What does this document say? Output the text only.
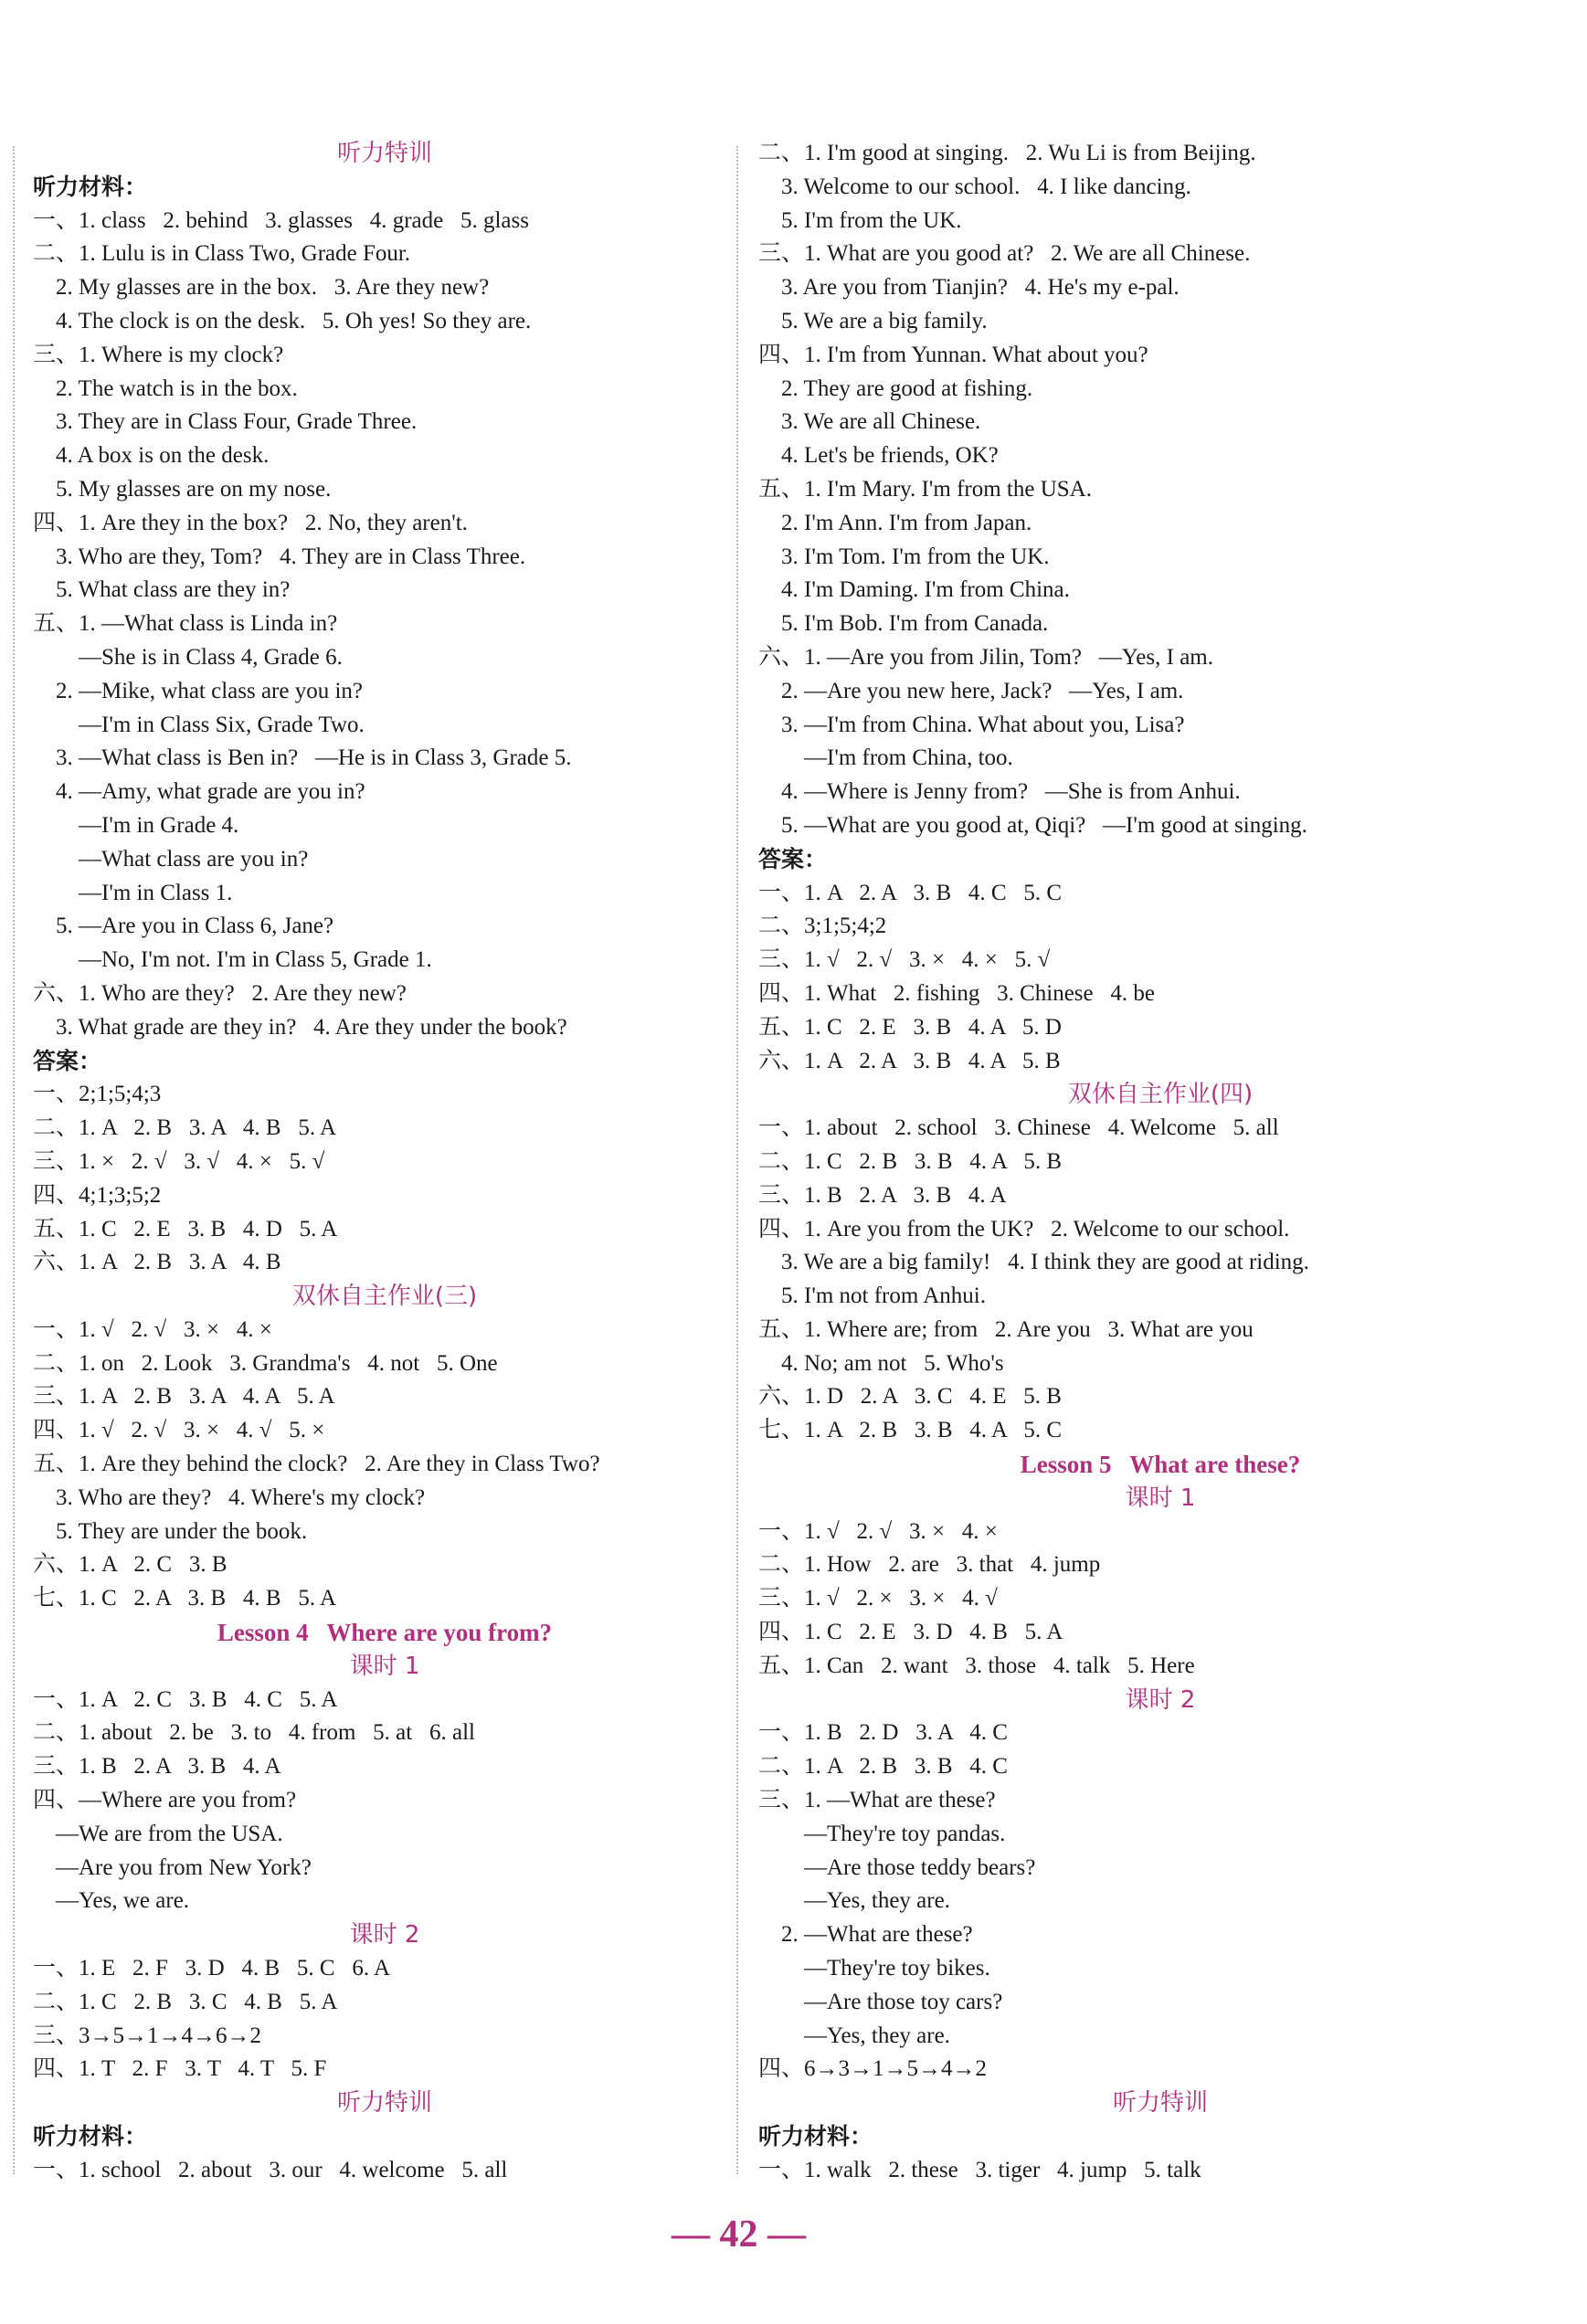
听力特训
听力材料：
一、1. class   2. behind   3. glasses   4. grade   5. glass
二、1. Lulu is in Class Two, Grade Four.
2. My glasses are in the box.   3. Are they new?
4. The clock is on the desk.   5. Oh yes! So they are.
三、1. Where is my clock?
2. The watch is in the box.
3. They are in Class Four, Grade Three.
4. A box is on the desk.
5. My glasses are on my nose.
四、1. Are they in the box?   2. No, they aren't.
3. Who are they, Tom?   4. They are in Class Three.
5. What class are they in?
五、1. —What class is Linda in?
—She is in Class 4, Grade 6.
2. —Mike, what class are you in?
—I'm in Class Six, Grade Two.
3. —What class is Ben in?   —He is in Class 3, Grade 5.
4. —Amy, what grade are you in?
—I'm in Grade 4.
—What class are you in?
—I'm in Class 1.
5. —Are you in Class 6, Jane?
—No, I'm not. I'm in Class 5, Grade 1.
六、1. Who are they?   2. Are they new?
3. What grade are they in?   4. Are they under the book?
答案：
一、2;1;5;4;3
二、1. A   2. B   3. A   4. B   5. A
三、1. ×   2. √   3. √   4. ×   5. √
四、4;1;3;5;2
五、1. C   2. E   3. B   4. D   5. A
六、1. A   2. B   3. A   4. B
双休自主作业(三)
一、1. √   2. √   3. ×   4. ×
二、1. on   2. Look   3. Grandma's   4. not   5. One
三、1. A   2. B   3. A   4. A   5. A
四、1. √   2. √   3. ×   4. √   5. ×
五、1. Are they behind the clock?   2. Are they in Class Two?
3. Who are they?   4. Where's my clock?
5. They are under the book.
六、1. A   2. C   3. B
七、1. C   2. A   3. B   4. B   5. A
Lesson 4   Where are you from?
课时 1
一、1. A   2. C   3. B   4. C   5. A
二、1. about   2. be   3. to   4. from   5. at   6. all
三、1. B   2. A   3. B   4. A
四、—Where are you from?
—We are from the USA.
—Are you from New York?
—Yes, we are.
课时 2
一、1. E   2. F   3. D   4. B   5. C   6. A
二、1. C   2. B   3. C   4. B   5. A
三、3→5→1→4→6→2
四、1. T   2. F   3. T   4. T   5. F
听力特训
听力材料：
一、1. school   2. about   3. our   4. welcome   5. all
二、1. I'm good at singing.   2. Wu Li is from Beijing.
3. Welcome to our school.   4. I like dancing.
5. I'm from the UK.
三、1. What are you good at?   2. We are all Chinese.
3. Are you from Tianjin?   4. He's my e-pal.
5. We are a big family.
四、1. I'm from Yunnan. What about you?
2. They are good at fishing.
3. We are all Chinese.
4. Let's be friends, OK?
五、1. I'm Mary. I'm from the USA.
2. I'm Ann. I'm from Japan.
3. I'm Tom. I'm from the UK.
4. I'm Daming. I'm from China.
5. I'm Bob. I'm from Canada.
六、1. —Are you from Jilin, Tom?   —Yes, I am.
2. —Are you new here, Jack?   —Yes, I am.
3. —I'm from China. What about you, Lisa?
—I'm from China, too.
4. —Where is Jenny from?   —She is from Anhui.
5. —What are you good at, Qiqi?   —I'm good at singing.
答案：
一、1. A   2. A   3. B   4. C   5. C
二、3;1;5;4;2
三、1. √   2. √   3. ×   4. ×   5. √
四、1. What   2. fishing   3. Chinese   4. be
五、1. C   2. E   3. B   4. A   5. D
六、1. A   2. A   3. B   4. A   5. B
双休自主作业(四)
一、1. about   2. school   3. Chinese   4. Welcome   5. all
二、1. C   2. B   3. B   4. A   5. B
三、1. B   2. A   3. B   4. A
四、1. Are you from the UK?   2. Welcome to our school.
3. We are a big family!   4. I think they are good at riding.
5. I'm not from Anhui.
五、1. Where are; from   2. Are you   3. What are you
4. No; am not   5. Who's
六、1. D   2. A   3. C   4. E   5. B
七、1. A   2. B   3. B   4. A   5. C
Lesson 5   What are these?
课时 1
一、1. √   2. √   3. ×   4. ×
二、1. How   2. are   3. that   4. jump
三、1. √   2. ×   3. ×   4. √
四、1. C   2. E   3. D   4. B   5. A
五、1. Can   2. want   3. those   4. talk   5. Here
课时 2
一、1. B   2. D   3. A   4. C
二、1. A   2. B   3. B   4. C
三、1. —What are these?
—They're toy pandas.
—Are those teddy bears?
—Yes, they are.
2. —What are these?
—They're toy bikes.
—Are those toy cars?
—Yes, they are.
四、6→3→1→5→4→2
听力特训
听力材料：
一、1. walk   2. these   3. tiger   4. jump   5. talk
— 42 —
